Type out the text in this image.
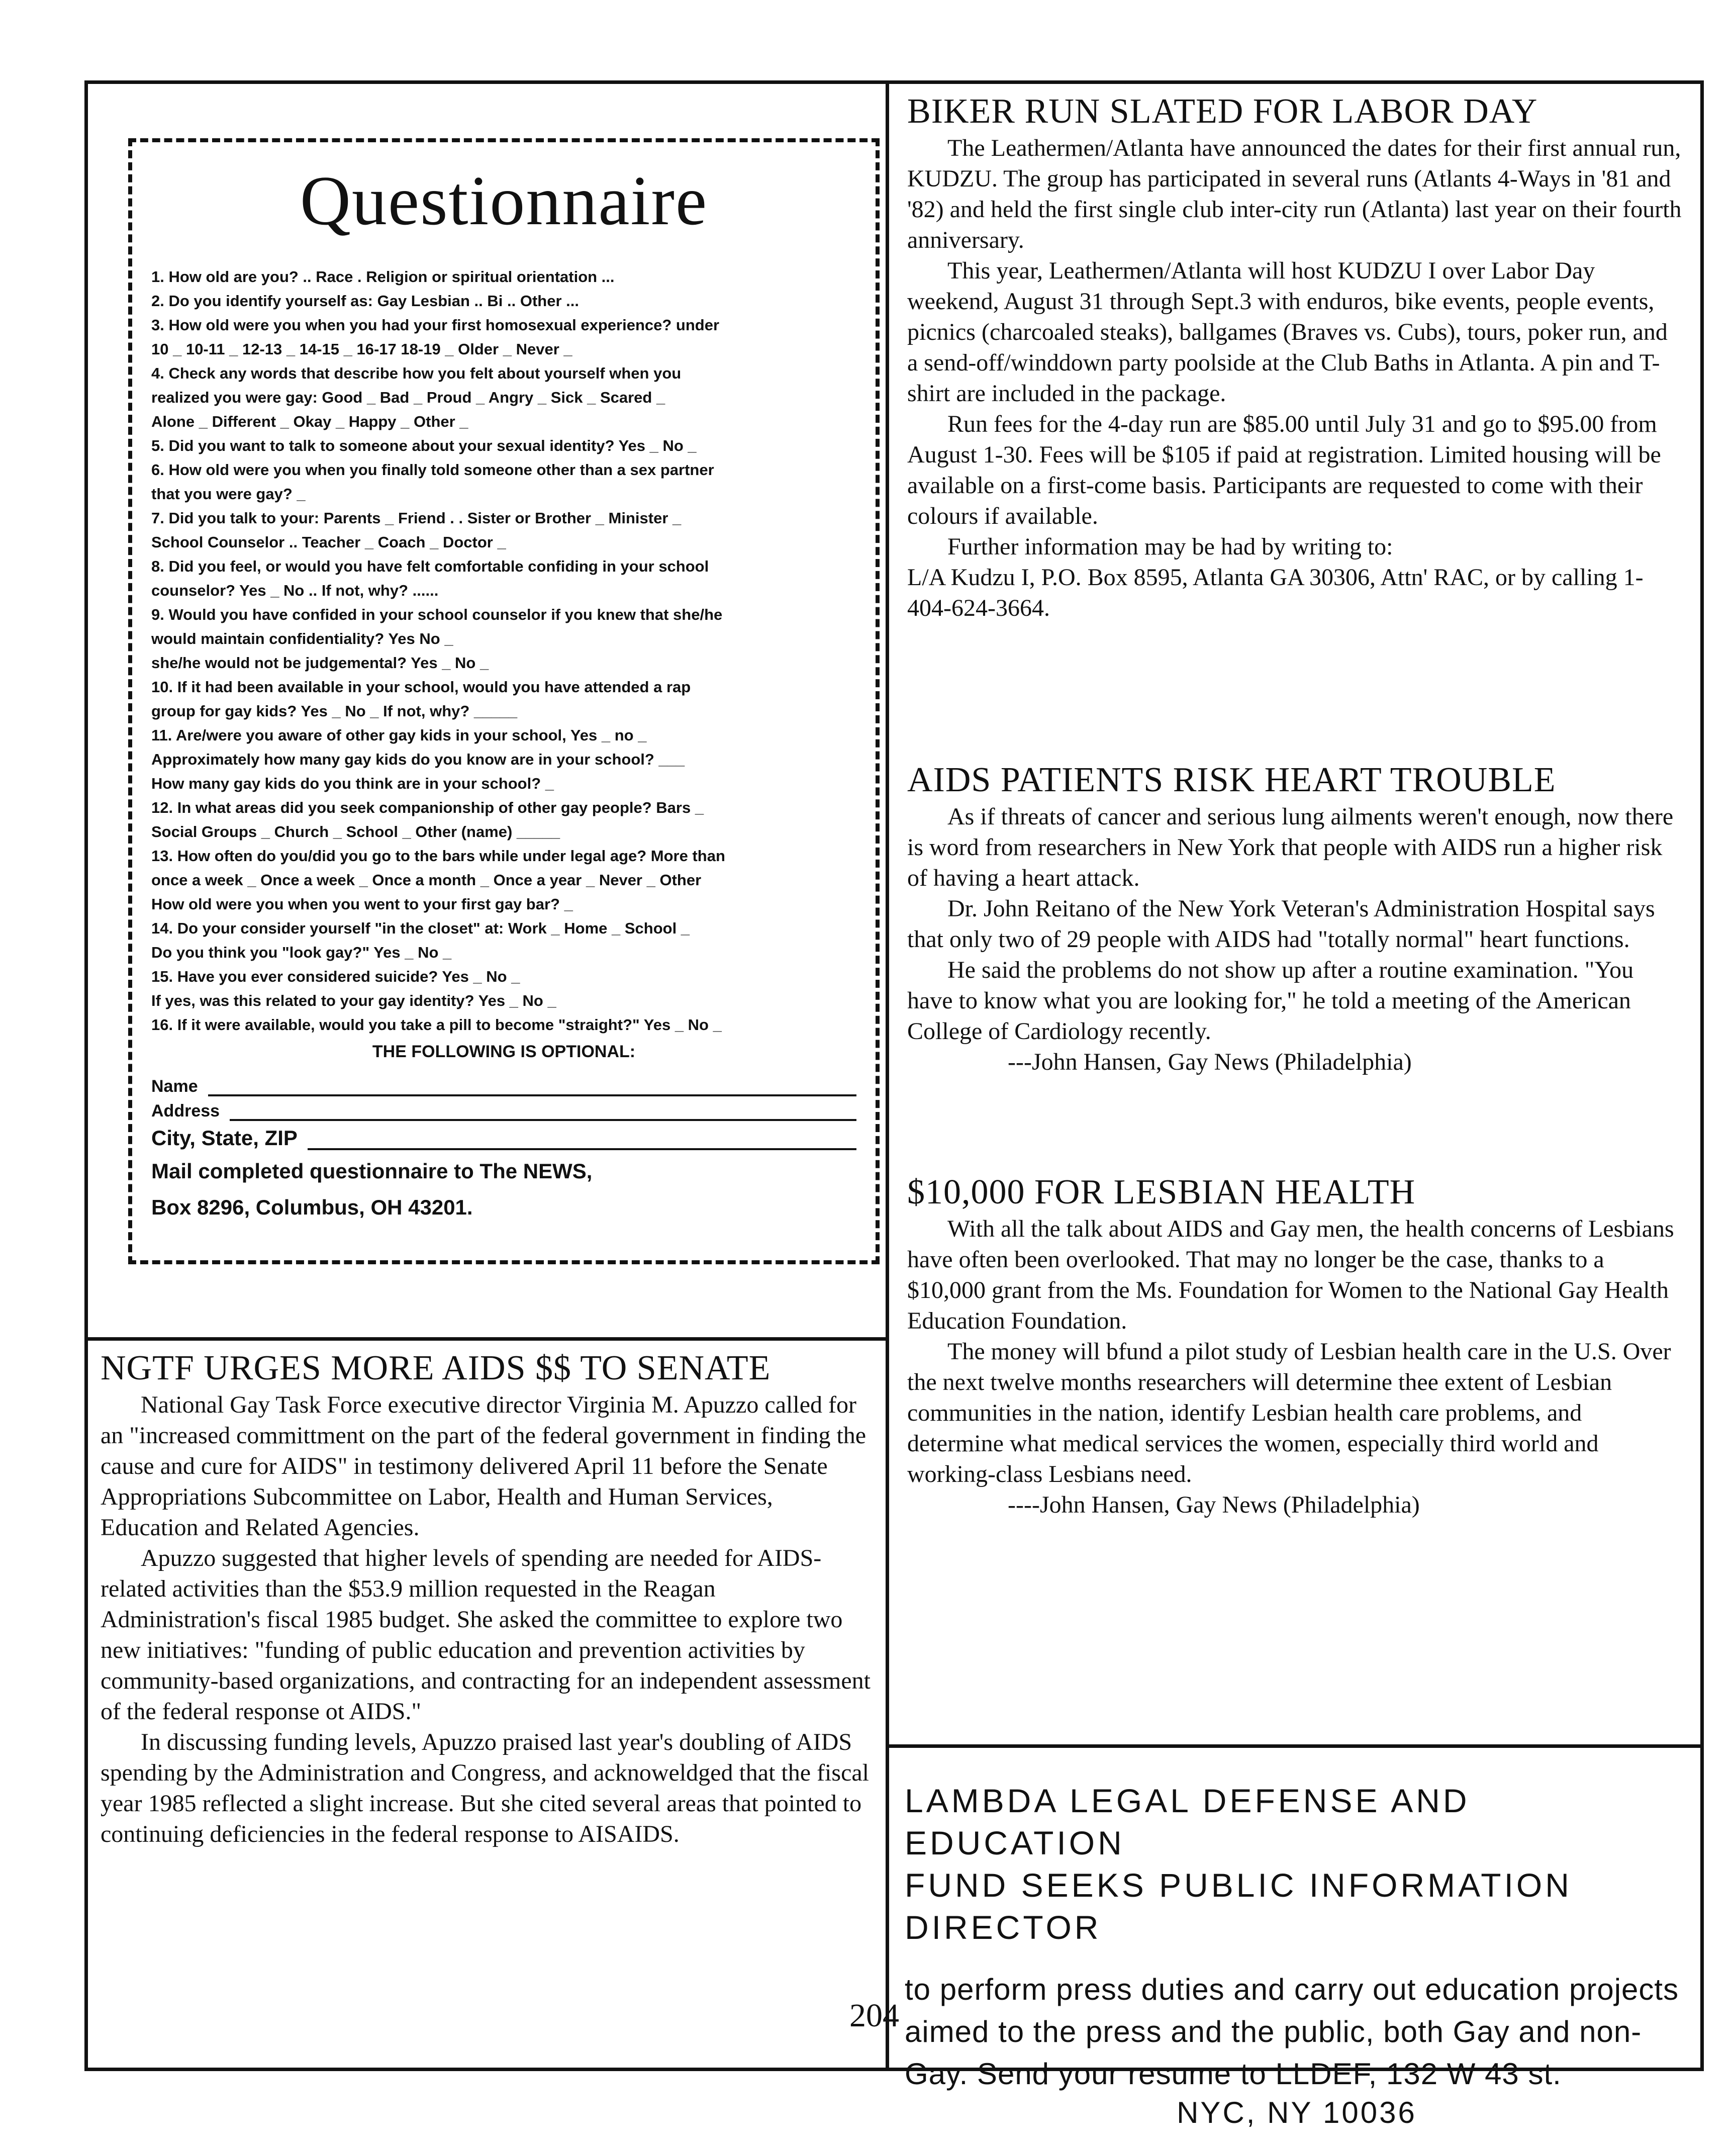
Questionnaire

1. How old are you? .. Race . Religion or spiritual orientation ...

2. Do you identify yourself as: Gay Lesbian .. Bi .. Other ...

3. How old were you when you had your first homosexual experience? under

10 _ 10-11 _ 12-13 _ 14-15 _ 16-17 18-19 _ Older _ Never _

4. Check any words that describe how you felt about yourself when you

realized you were gay: Good _ Bad _ Proud _ Angry _ Sick _ Scared _

Alone _ Different _ Okay _ Happy _ Other _

5. Did you want to talk to someone about your sexual identity? Yes _ No _

6. How old were you when you finally told someone other than a sex partner

that you were gay? _

7. Did you talk to your: Parents _ Friend . . Sister or Brother _ Minister _

School Counselor .. Teacher _ Coach _ Doctor _

8. Did you feel, or would you have felt comfortable confiding in your school

counselor? Yes _ No .. If not, why? ......

9. Would you have confided in your school counselor if you knew that she/he

would maintain confidentiality? Yes No _

she/he would not be judgemental? Yes _ No _

10. If it had been available in your school, would you have attended a rap

group for gay kids? Yes _ No _ If not, why? _____

11. Are/were you aware of other gay kids in your school, Yes _ no _

Approximately how many gay kids do you know are in your school? ___

How many gay kids do you think are in your school? _

12. In what areas did you seek companionship of other gay people? Bars _

Social Groups _ Church _ School _ Other (name) _____

13. How often do you/did you go to the bars while under legal age? More than

once a week _ Once a week _ Once a month _ Once a year _ Never _ Other

How old were you when you went to your first gay bar? _

14. Do your consider yourself "in the closet" at: Work _ Home _ School _

Do you think you "look gay?" Yes _ No _

15. Have you ever considered suicide? Yes _ No _

If yes, was this related to your gay identity? Yes _ No _

16. If it were available, would you take a pill to become "straight?" Yes _ No _

THE FOLLOWING IS OPTIONAL:

Name
Address
City, State, ZIP

Mail completed questionnaire to The NEWS,

Box 8296, Columbus, OH 43201.

NGTF URGES MORE AIDS $$ TO SENATE

National Gay Task Force executive director Virginia M. Apuzzo called for an "increased committment on the part of the federal government in finding the cause and cure for AIDS" in testimony delivered April 11 before the Senate Appropriations Subcommittee on Labor, Health and Human Services, Education and Related Agencies.

Apuzzo suggested that higher levels of spending are needed for AIDS-related activities than the $53.9 million requested in the Reagan Administration's fiscal 1985 budget. She asked the committee to explore two new initiatives: "funding of public education and prevention activities by community-based organizations, and contracting for an independent assessment of the federal response ot AIDS."

In discussing funding levels, Apuzzo praised last year's doubling of AIDS spending by the Administration and Congress, and acknoweldged that the fiscal year 1985 reflected a slight increase. But she cited several areas that pointed to continuing deficiencies in the federal response to AISAIDS.

BIKER RUN SLATED FOR LABOR DAY

The Leathermen/Atlanta have announced the dates for their first annual run, KUDZU. The group has participated in several runs (Atlants 4-Ways in '81 and '82) and held the first single club inter-city run (Atlanta) last year on their fourth anniversary.

This year, Leathermen/Atlanta will host KUDZU I over Labor Day weekend, August 31 through Sept.3 with enduros, bike events, people events, picnics (charcoaled steaks), ballgames (Braves vs. Cubs), tours, poker run, and a send-off/winddown party poolside at the Club Baths in Atlanta. A pin and T-shirt are included in the package.

Run fees for the 4-day run are $85.00 until July 31 and go to $95.00 from August 1-30. Fees will be $105 if paid at registration. Limited housing will be available on a first-come basis. Participants are requested to come with their colours if available.

Further information may be had by writing to:

L/A Kudzu I, P.O. Box 8595, Atlanta GA 30306, Attn' RAC, or by calling 1-404-624-3664.

AIDS PATIENTS RISK HEART TROUBLE

As if threats of cancer and serious lung ailments weren't enough, now there is word from researchers in New York that people with AIDS run a higher risk of having a heart attack.

Dr. John Reitano of the New York Veteran's Administration Hospital says that only two of 29 people with AIDS had "totally normal" heart functions.

He said the problems do not show up after a routine examination. "You have to know what you are looking for," he told a meeting of the American College of Cardiology recently.

---John Hansen, Gay News (Philadelphia)

$10,000 FOR LESBIAN HEALTH

With all the talk about AIDS and Gay men, the health concerns of Lesbians have often been overlooked. That may no longer be the case, thanks to a $10,000 grant from the Ms. Foundation for Women to the National Gay Health Education Foundation.

The money will bfund a pilot study of Lesbian health care in the U.S. Over the next twelve months researchers will determine thee extent of Lesbian communities in the nation, identify Lesbian health care problems, and determine what medical services the women, especially third world and working-class Lesbians need.

----John Hansen, Gay News (Philadelphia)

LAMBDA LEGAL DEFENSE AND EDUCATION

FUND SEEKS PUBLIC INFORMATION DIRECTOR

to perform press duties and carry out education projects aimed to the press and the public, both Gay and non-Gay. Send your resume to LLDEF, 132 W 43 st.

NYC, NY 10036

204
